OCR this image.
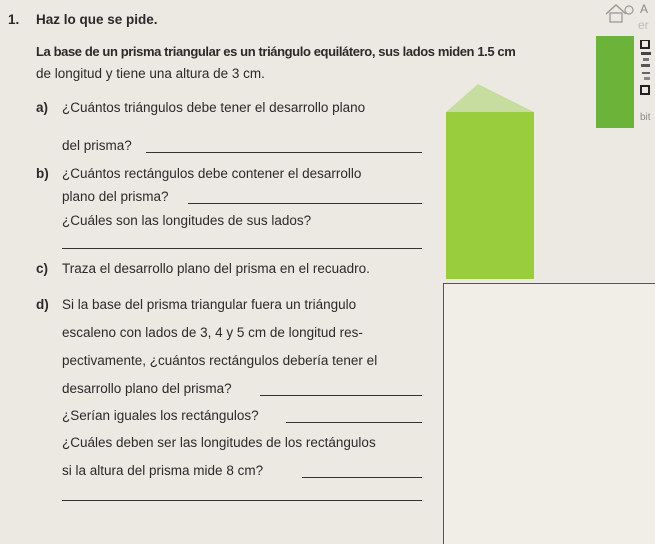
1. Haz lo que se pide.
La base de un prisma triangular es un triángulo equilátero, sus lados miden 1.5 cm
de longitud y tiene una altura de 3 cm.
a) ¿Cuántos triángulos debe tener el desarrollo plano
del prisma?
b) ¿Cuántos rectángulos debe contener el desarrollo
plano del prisma?
¿Cuáles son las longitudes de sus lados?
c) Traza el desarrollo plano del prisma en el recuadro.
d) Si la base del prisma triangular fuera un triángulo
escaleno con lados de 3, 4 y 5 cm de longitud res-
pectivamente, ¿cuántos rectángulos debería tener el
desarrollo plano del prisma?
¿Serían iguales los rectángulos?
¿Cuáles deben ser las longitudes de los rectángulos
si la altura del prisma mide 8 cm?
A
er
bit
